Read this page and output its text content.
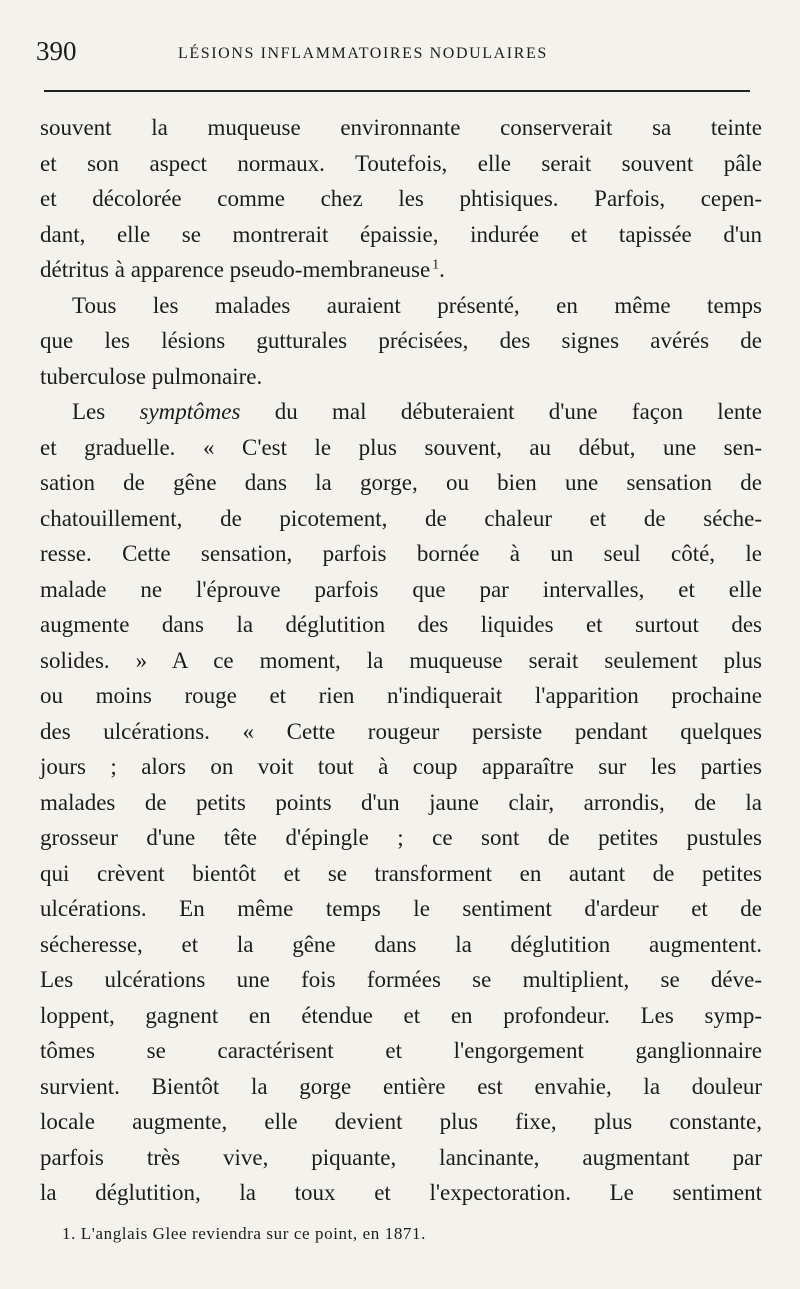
390	LÉSIONS INFLAMMATOIRES NODULAIRES

souvent la muqueuse environnante conserverait sa teinte

et son aspect normaux. Toutefois, elle serait souvent pâle

et décolorée comme chez les phtisiques. Parfois, cepen-

dant, elle se montrerait épaissie, indurée et tapissée d'un

détritus à apparence pseudo-membraneuse  $^1$.

Tous les malades auraient présenté, en même temps

que les lésions gutturales précisées, des signes avérés de

tuberculose pulmonaire.

Les symptômes du mal débuteraient d'une façon lente

et graduelle. « C'est le plus souvent, au début, une sen-

sation de gêne dans la gorge, ou bien une sensation de

chatouillement, de picotement, de chaleur et de séche-

resse. Cette sensation, parfois bornée à un seul côté, le

malade ne l'éprouve parfois que par intervalles, et elle

augmente dans la déglutition des liquides et surtout des

solides. » A ce moment, la muqueuse serait seulement plus

ou moins rouge et rien n'indiquerait l'apparition prochaine

des ulcérations. « Cette rougeur persiste pendant quelques

jours ; alors on voit tout à coup apparaître sur les parties

malades de petits points d'un jaune clair, arrondis, de la

grosseur d'une tête d'épingle ; ce sont de petites pustules

qui crèvent bientôt et se transforment en autant de petites

ulcérations. En même temps le sentiment d'ardeur et de

sécheresse, et la gêne dans la déglutition augmentent.

Les ulcérations une fois formées se multiplient, se déve-

loppent, gagnent en étendue et en profondeur. Les symp-

tômes se caractérisent et l'engorgement ganglionnaire

survient. Bientôt la gorge entière est envahie, la douleur

locale augmente, elle devient plus fixe, plus constante,

parfois très vive, piquante, lancinante, augmentant par

la déglutition, la toux et l'expectoration. Le sentiment

1. L'anglais Glee reviendra sur ce point, en 1871.
